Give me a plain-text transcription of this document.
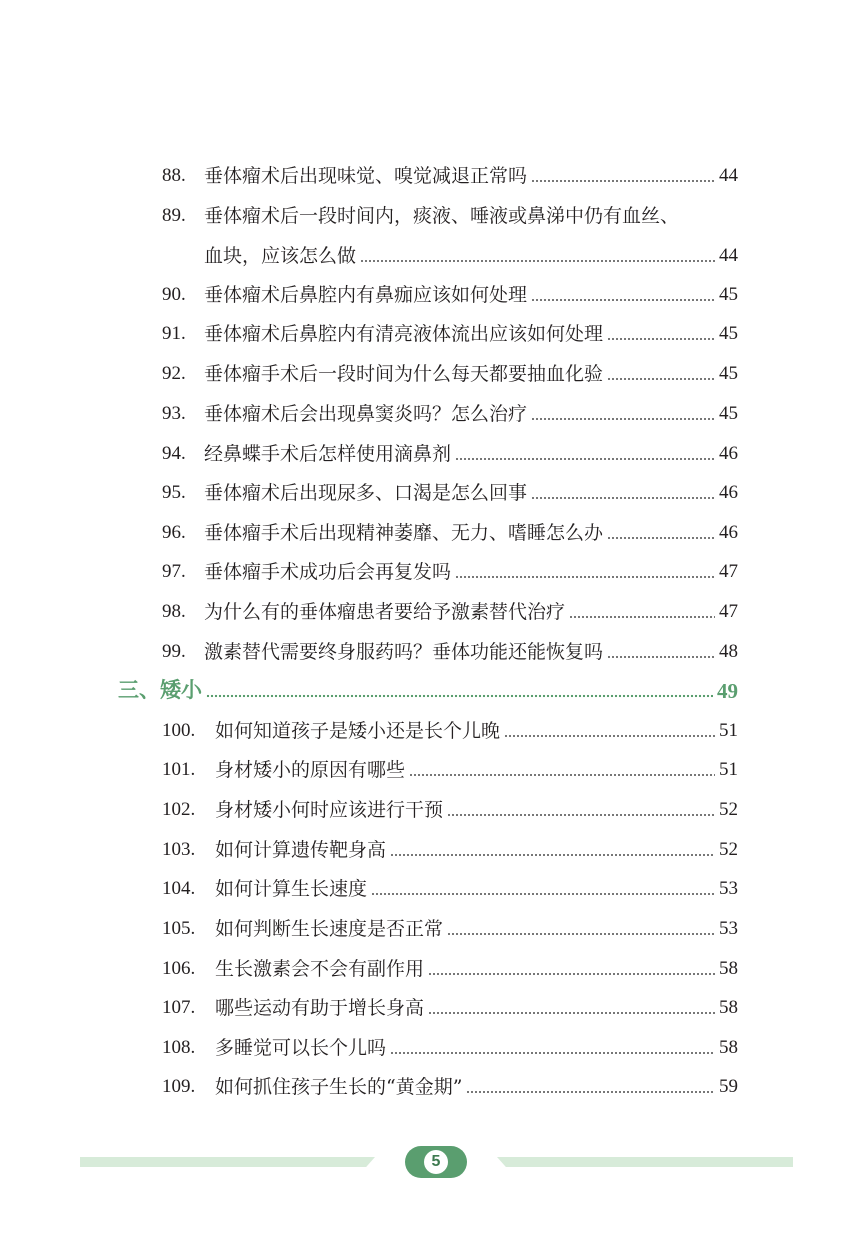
88. 垂体瘤术后出现味觉、嗅觉减退正常吗	44
89. 垂体瘤术后一段时间内，痰液、唾液或鼻涕中仍有血丝、
血块，应该怎么做	44
90. 垂体瘤术后鼻腔内有鼻痂应该如何处理	45
91. 垂体瘤术后鼻腔内有清亮液体流出应该如何处理	45
92. 垂体瘤手术后一段时间为什么每天都要抽血化验	45
93. 垂体瘤术后会出现鼻窦炎吗？怎么治疗	45
94. 经鼻蝶手术后怎样使用滴鼻剂	46
95. 垂体瘤术后出现尿多、口渴是怎么回事	46
96. 垂体瘤手术后出现精神萎靡、无力、嗜睡怎么办	46
97. 垂体瘤手术成功后会再复发吗	47
98. 为什么有的垂体瘤患者要给予激素替代治疗	47
99. 激素替代需要终身服药吗？垂体功能还能恢复吗	48
三、矮小	49
100.	如何知道孩子是矮小还是长个儿晚	51
101.	身材矮小的原因有哪些	51
102.	身材矮小何时应该进行干预	52
103.	如何计算遗传靶身高	52
104.	如何计算生长速度	53
105.	如何判断生长速度是否正常	53
106.	生长激素会不会有副作用	58
107.	哪些运动有助于增长身高	58
108.	多睡觉可以长个儿吗	58
109.	如何抓住孩子生长的“黄金期”	59
5
